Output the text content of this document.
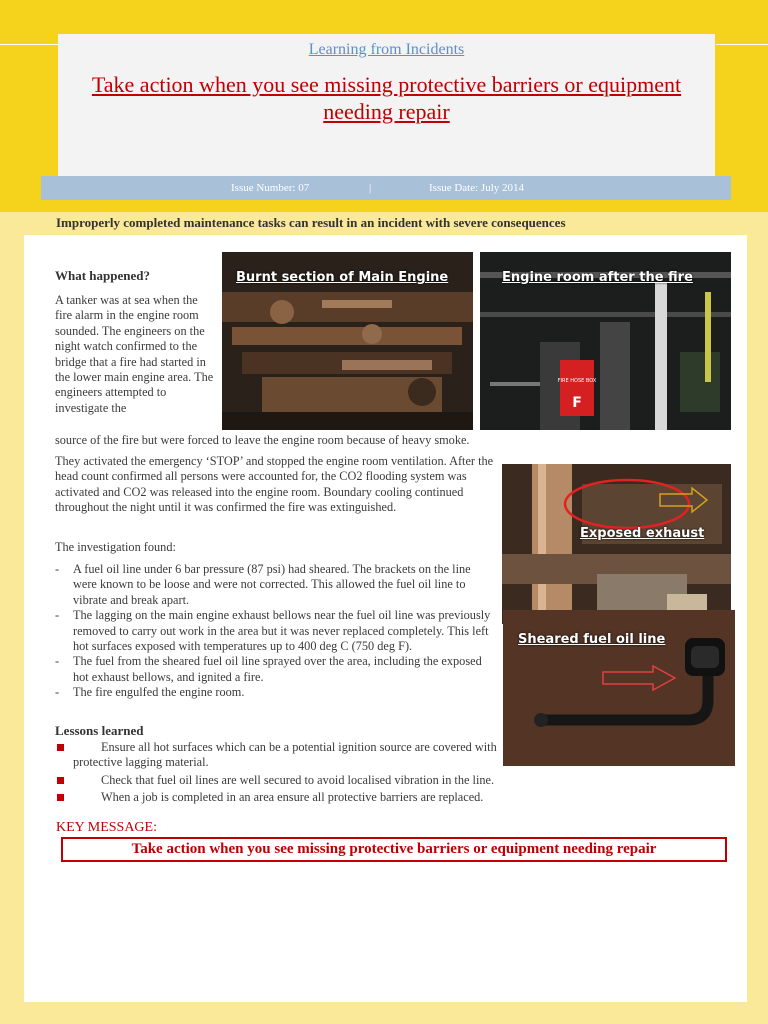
Learning from Incidents
Take action when you see missing protective barriers or equipment needing repair
Issue Number: 07	|	Issue Date: July 2014
Improperly completed maintenance tasks can result in an incident with severe consequences
What happened?
A tanker was at sea when the fire alarm in the engine room sounded. The engineers on the night watch confirmed to the bridge that a fire had started in the lower main engine area. The engineers attempted to investigate the
source of the fire but were forced to leave the engine room because of heavy smoke.
Burnt section of Main Engine
FIRE HOSE BOX
F
Engine room after the fire
They activated the emergency ‘STOP’ and stopped the engine room ventilation. After the head count confirmed all persons were accounted for, the CO2 flooding system was activated and CO2 was released into the engine room. Boundary cooling continued throughout the night until it was confirmed the fire was extinguished.
The investigation found:
- A fuel oil line under 6 bar pressure (87 psi) had sheared. The brackets on the line were known to be loose and were not corrected. This allowed the fuel oil line to vibrate and break apart.
- The lagging on the main engine exhaust bellows near the fuel oil line was previously removed to carry out work in the area but it was never replaced completely. This left hot surfaces exposed with temperatures up to 400 deg C (750 deg F).
- The fuel from the sheared fuel oil line sprayed over the area, including the exposed hot exhaust bellows, and ignited a fire.
- The fire engulfed the engine room.
Exposed exhaust
Sheared fuel oil line
Lessons learned
Ensure all hot surfaces which can be a potential ignition source are covered with protective lagging material.
Check that fuel oil lines are well secured to avoid localised vibration in the line.
When a job is completed in an area ensure all protective barriers are replaced.
KEY MESSAGE:
Take action when you see missing protective barriers or equipment needing repair
